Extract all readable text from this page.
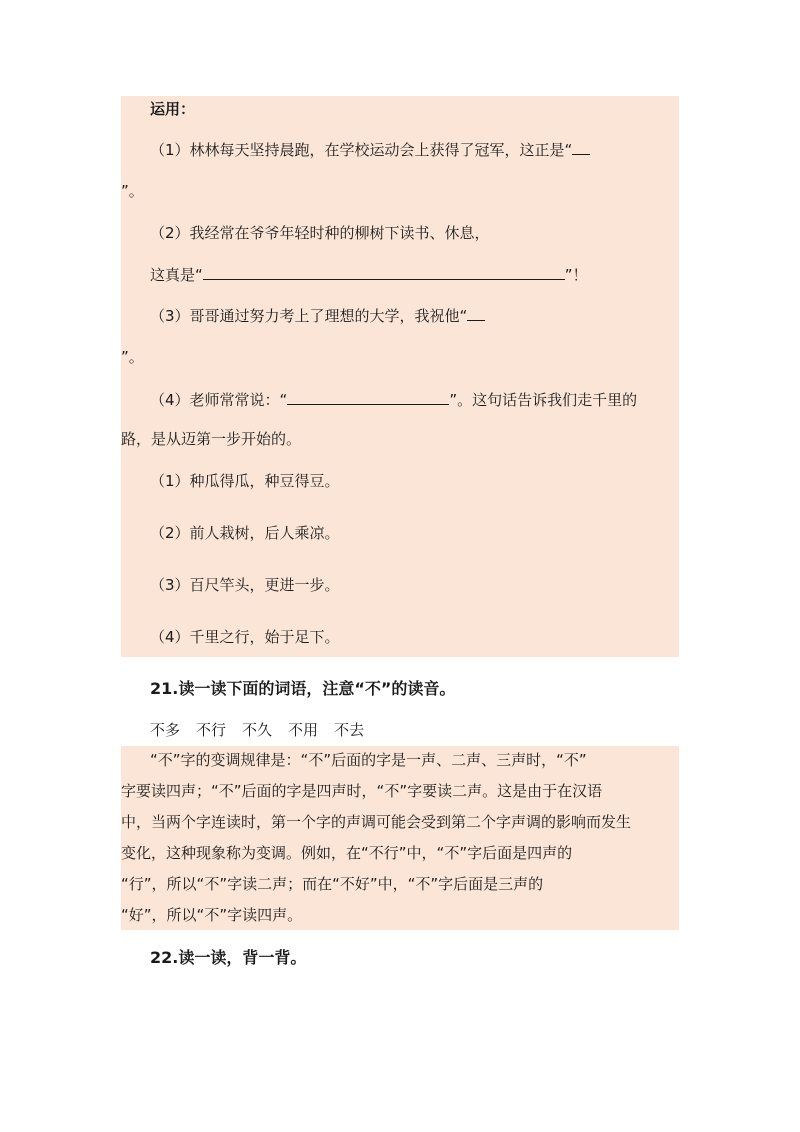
运用：
（1）林林每天坚持晨跑，在学校运动会上获得了冠军，这正是“
”。
（2）我经常在爷爷年轻时种的柳树下读书、休息，
这真是“	”！
（3）哥哥通过努力考上了理想的大学，我祝他“
”。
（4）老师常常说：“	”。这句话告诉我们走千里的
路，是从迈第一步开始的。
（1）种瓜得瓜，种豆得豆。
（2）前人栽树，后人乘凉。
（3）百尺竿头，更进一步。
（4）千里之行，始于足下。
21.读一读下面的词语，注意“不”的读音。
不多 不行 不久 不用 不去
“不”字的变调规律是：“不”后面的字是一声、二声、三声时，“不”
字要读四声；“不”后面的字是四声时，“不”字要读二声。这是由于在汉语
中，当两个字连读时，第一个字的声调可能会受到第二个字声调的影响而发生
变化，这种现象称为变调。例如，在“不行”中，“不”字后面是四声的
“行”，所以“不”字读二声；而在“不好”中，“不”字后面是三声的
“好”，所以“不”字读四声。
22.读一读，背一背。
